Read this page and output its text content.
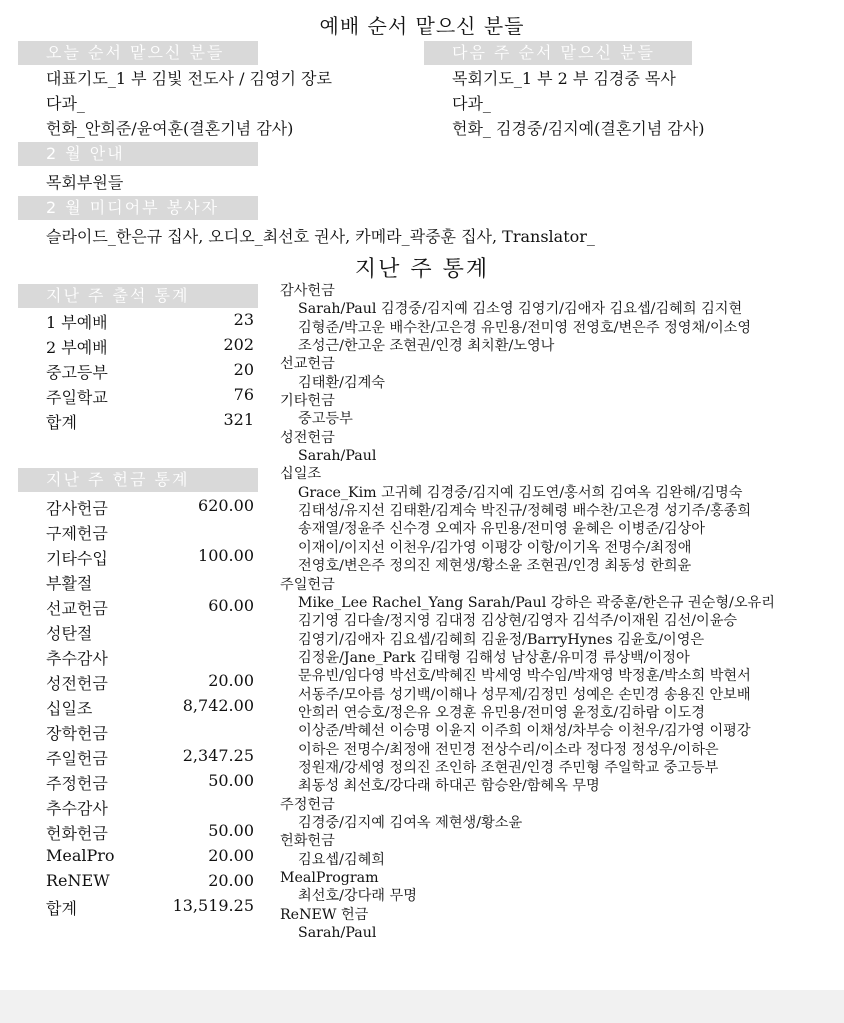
예배 순서 맡으신 분들
오늘 순서 맡으신 분들	다음 주 순서 맡으신 분들
대표기도_1 부 김빛 전도사 / 김영기 장로
다과_
헌화_안희준/윤여훈(결혼기념 감사)
목회기도_1 부 2 부 김경중 목사
다과_
헌화_ 김경중/김지예(결혼기념 감사)
2 월 안내
목회부원들
2 월 미디어부 봉사자
슬라이드_한은규 집사, 오디오_최선호 권사, 카메라_곽중훈 집사, Translator_
지난 주 통계
지난 주 출석 통계
1 부예배	23
2 부예배	202
중고등부	20
주일학교	76
합계	321
지난 주 헌금 통계
감사헌금	620.00
구제헌금
기타수입	100.00
부활절
선교헌금	60.00
성탄절
추수감사
성전헌금	20.00
십일조	8,742.00
장학헌금
주일헌금	2,347.25
주정헌금	50.00
추수감사
헌화헌금	50.00
MealPro	20.00
ReNEW	20.00
합계	13,519.25
감사헌금
Sarah/Paul 김경중/김지예 김소영 김영기/김애자 김요셉/김혜희 김지현
김형준/박고운 배수찬/고은경 유민용/전미영 전영호/변은주 정영채/이소영
조성근/한고운 조현권/인경 최치환/노영나
선교헌금
김태환/김계숙
기타헌금
중고등부
성전헌금
Sarah/Paul
십일조
Grace_Kim 고귀혜 김경중/김지예 김도연/홍서희 김여옥 김완해/김명숙
김태성/유지선 김태환/김계숙 박진규/정혜령 배수찬/고은경 성기주/홍종희
송재열/정윤주 신수경 오예자 유민용/전미영 윤혜은 이병준/김상아
이재이/이지선 이천우/김가영 이평강 이항/이기옥 전명수/최정애
전영호/변은주 정의진 제현생/황소윤 조현권/인경 최동성 한희윤
주일헌금
Mike_Lee Rachel_Yang Sarah/Paul 강하은 곽중훈/한은규 권순형/오유리
김기영 김다솔/정지영 김대정 김상현/김영자 김석주/이재원 김선/이윤승
김영기/김애자 김요셉/김혜희 김윤정/BarryHynes 김윤호/이영은
김정윤/Jane_Park 김태형 김해성 남상훈/유미경 류상백/이정아
문유빈/임다영 박선호/박혜진 박세영 박수임/박재영 박정훈/박소희 박현서
서동주/모아름 성기백/이해나 성무제/김정민 성예은 손민경 송용진 안보배
안희러 연승호/정은유 오경훈 유민용/전미영 윤정호/김하람 이도경
이상준/박혜선 이승명 이윤지 이주희 이채성/차부승 이천우/김가영 이평강
이하은 전명수/최정애 전민경 전상수리/이소라 정다정 정성우/이하은
정원재/강세영 정의진 조인하 조현권/인경 주민형 주일학교 중고등부
최동성 최선호/강다래 하대곤 함승완/함혜옥 무명
주정헌금
김경중/김지예 김여옥 제현생/황소윤
헌화헌금
김요셉/김혜희
MealProgram
최선호/강다래 무명
ReNEW 헌금
Sarah/Paul
